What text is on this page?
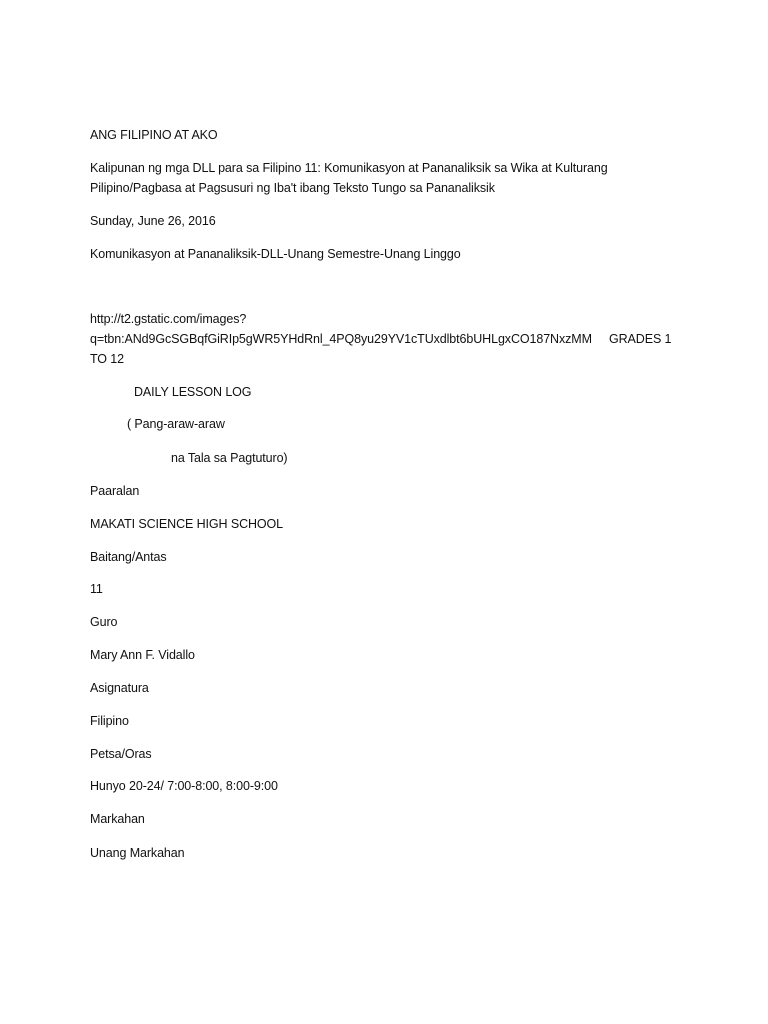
ANG FILIPINO AT AKO
Kalipunan ng mga DLL para sa Filipino 11: Komunikasyon at Pananaliksik sa Wika at Kulturang
Pilipino/Pagbasa at Pagsusuri ng Iba't ibang Teksto Tungo sa Pananaliksik
Sunday, June 26, 2016
Komunikasyon at Pananaliksik-DLL-Unang Semestre-Unang Linggo
http://t2.gstatic.com/images?
q=tbn:ANd9GcSGBqfGiRIp5gWR5YHdRnl_4PQ8yu29YV1cTUxdlbt6bUHLgxCO187NxzMM GRADES 1
TO 12
DAILY LESSON LOG
( Pang-araw-araw
na Tala sa Pagtuturo)
Paaralan
MAKATI SCIENCE HIGH SCHOOL
Baitang/Antas
11
Guro
Mary Ann F. Vidallo
Asignatura
Filipino
Petsa/Oras
Hunyo 20-24/ 7:00-8:00, 8:00-9:00
Markahan
Unang Markahan
